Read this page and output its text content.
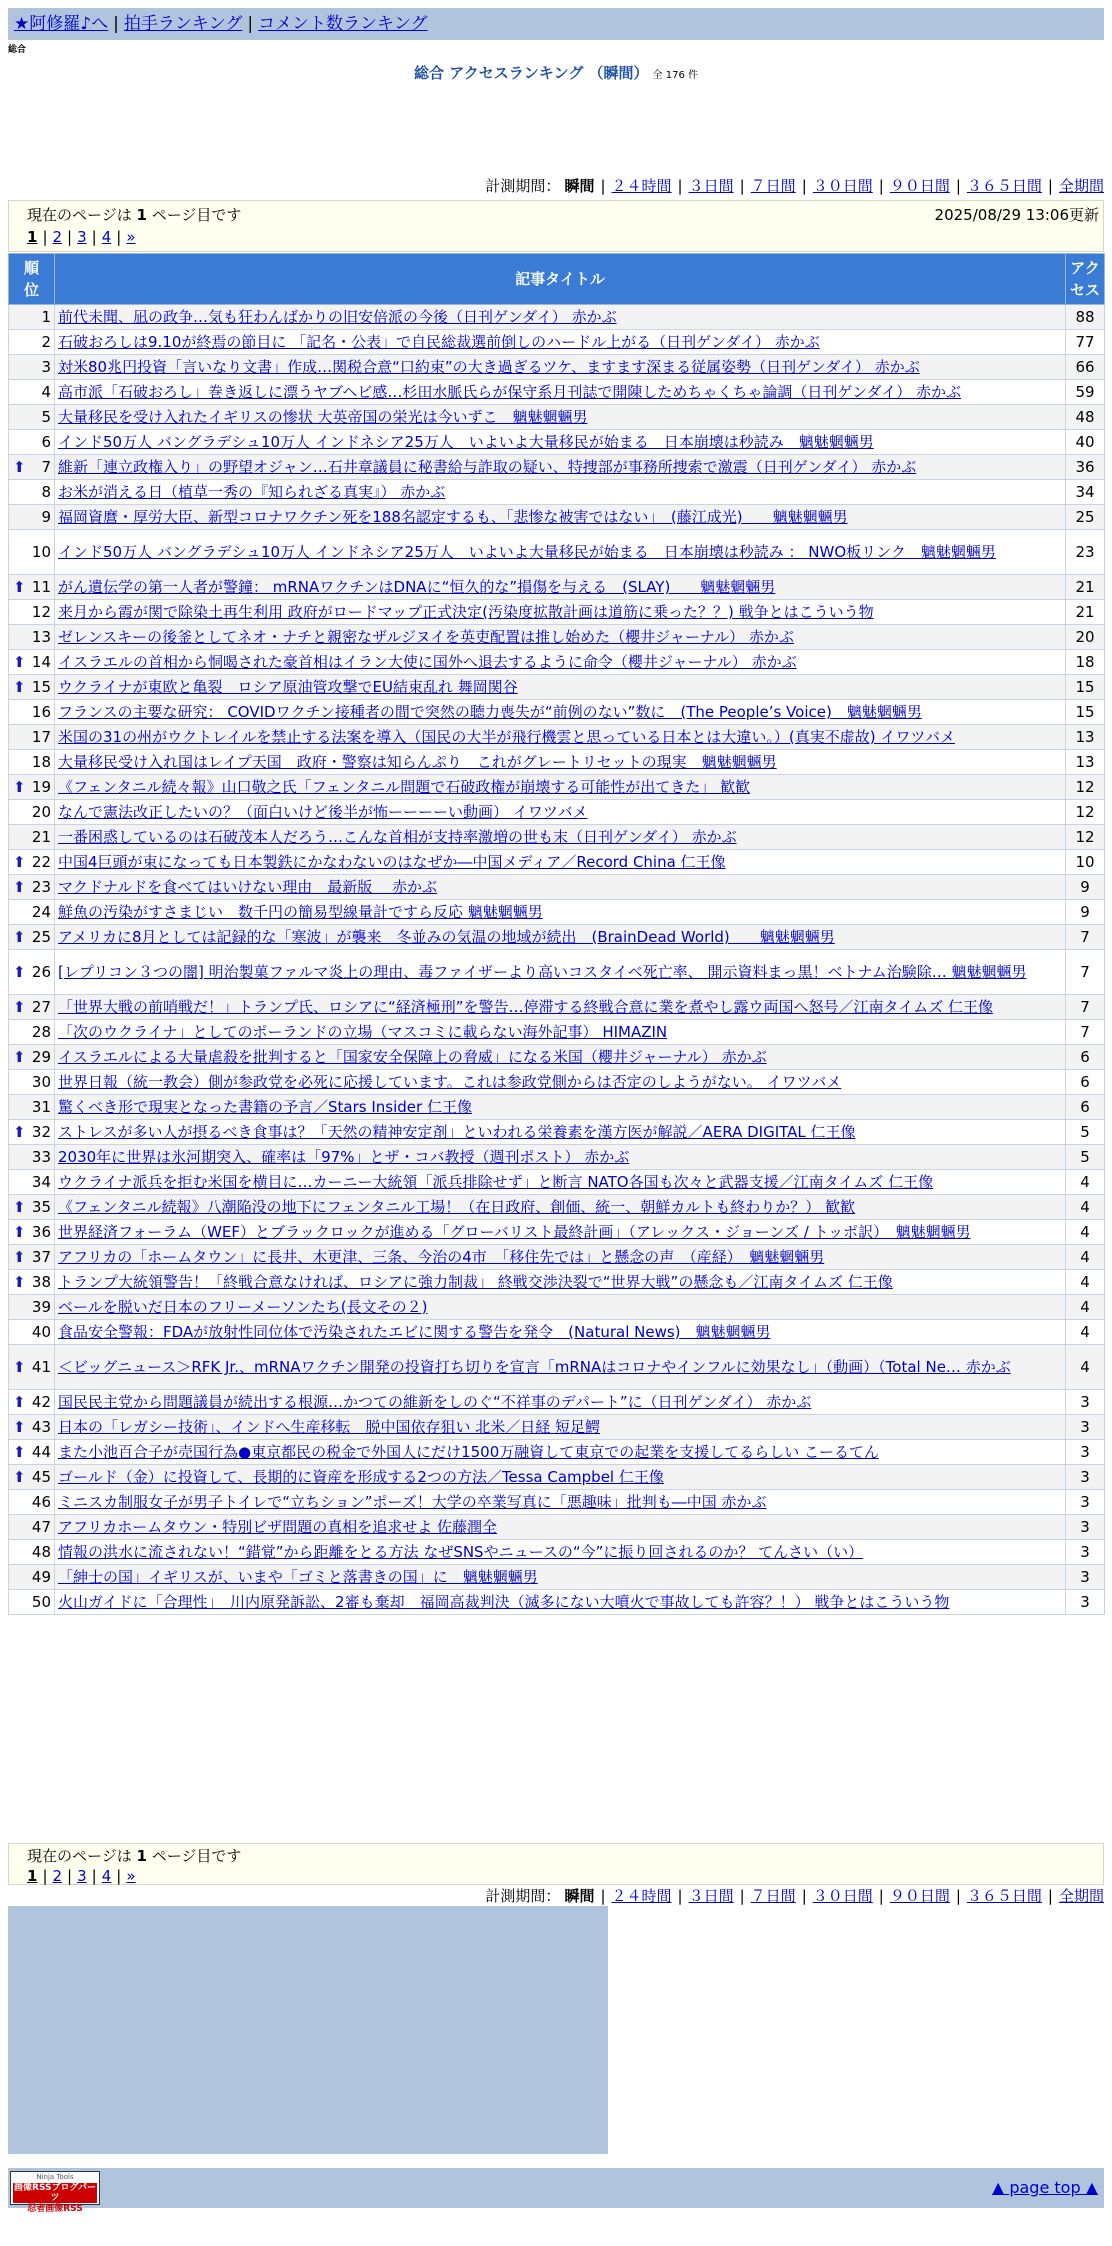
★阿修羅♪へ | 拍手ランキング | コメント数ランキング
総合
総合 アクセスランキング （瞬間） 全 176 件
計測期間： 瞬間 | ２４時間 | ３日間 | ７日間 | ３０日間 | ９０日間 | ３６５日間 | 全期間
現在のページは 1 ページ目です	2025/08/29 13:06更新
1 | 2 | 3 | 4 | »
順位	記事タイトル	アクセス
1	前代未聞、凪の政争…気も狂わんばかりの旧安倍派の今後（日刊ゲンダイ） 赤かぶ	88
2	石破おろしは9.10が終焉の節目に 「記名・公表」で自民総裁選前倒しのハードル上がる（日刊ゲンダイ） 赤かぶ	77
3	対米80兆円投資「言いなり文書」作成…関税合意“口約束”の大き過ぎるツケ、ますます深まる従属姿勢（日刊ゲンダイ） 赤かぶ	66
4	高市派「石破おろし」巻き返しに漂うヤブヘビ感…杉田水脈氏らが保守系月刊誌で開陳しためちゃくちゃ論調（日刊ゲンダイ） 赤かぶ	59
5	大量移民を受け入れたイギリスの惨状 大英帝国の栄光は今いずこ　魑魅魍魎男	48
6	インド50万人 バングラデシュ10万人 インドネシア25万人　いよいよ大量移民が始まる　日本崩壊は秒読み　魑魅魍魎男	40

⬆ 7	維新「連立政権入り」の野望オジャン…石井章議員に秘書給与詐取の疑い、特捜部が事務所捜索で激震（日刊ゲンダイ） 赤かぶ	36
8	お米が消える日（植草一秀の『知られざる真実』） 赤かぶ	34
9	福岡資麿・厚労大臣、新型コロナワクチン死を188名認定するも、「悲惨な被害ではない」　(藤江成光)　　魑魅魍魎男	25
10	インド50万人 バングラデシュ10万人 インドネシア25万人　いよいよ大量移民が始まる　日本崩壊は秒読み ： NWO板リンク　魑魅魍魎男	23

⬆ 11	がん遺伝学の第一人者が警鐘： mRNAワクチンはDNAに“恒久的な”損傷を与える　(SLAY)　　魑魅魍魎男	21
12	来月から霞が関で除染土再生利用 政府がロードマップ正式決定(汚染度拡散計画は道筋に乗った？？) 戦争とはこういう物	21
13	ゼレンスキーの後釜としてネオ・ナチと親密なザルジヌイを英吏配置は推し始めた（櫻井ジャーナル） 赤かぶ	20

⬆ 14	イスラエルの首相から恫喝された豪首相はイラン大使に国外へ退去するように命令（櫻井ジャーナル） 赤かぶ	18

⬆ 15	ウクライナが東欧と亀裂　ロシア原油管攻撃でEU結束乱れ 舞岡関谷	15
16	フランスの主要な研究： COVIDワクチン接種者の間で突然の聴力喪失が“前例のない”数に　(The People’s Voice)　魑魅魍魎男	15
17	米国の31の州がウクトレイルを禁止する法案を導入（国民の大半が飛行機雲と思っている日本とは大違い。）(真実不虚故) イワツバメ	13
18	大量移民受け入れ国はレイプ天国　政府・警察は知らんぷり　これがグレートリセットの現実　魑魅魍魎男	13

⬆ 19	《フェンタニル続々報》山口敬之氏「フェンタニル問題で石破政権が崩壊する可能性が出てきた」 歓歓	12
20	なんで憲法改正したいの？（面白いけど後半が怖ーーーーい動画） イワツバメ	12
21	一番困惑しているのは石破茂本人だろう…こんな首相が支持率激増の世も末（日刊ゲンダイ） 赤かぶ	12

⬆ 22	中国4巨頭が束になっても日本製鉄にかなわないのはなぜか―中国メディア／Record China 仁王像	10

⬆ 23	マクドナルドを食べてはいけない理由　最新版　 赤かぶ	9
24	鮮魚の汚染がすさまじい　数千円の簡易型線量計ですら反応 魑魅魍魎男	9

⬆ 25	アメリカに8月としては記録的な「寒波」が襲来　冬並みの気温の地域が続出　(BrainDead World)　　魑魅魍魎男	7

⬆ 26	[レプリコン３つの闇] 明治製菓ファルマ炎上の理由、毒ファイザーより高いコスタイベ死亡率、 開示資料まっ黒！ベトナム治験除… 魑魅魍魎男	7

⬆ 27	「世界大戦の前哨戦だ！」トランプ氏、ロシアに“経済極刑”を警告…停滞する終戦合意に業を煮やし露ウ両国へ怒号／江南タイムズ 仁王像	7
28	「次のウクライナ」としてのポーランドの立場（マスコミに載らない海外記事） HIMAZIN	7

⬆ 29	イスラエルによる大量虐殺を批判すると「国家安全保障上の脅威」になる米国（櫻井ジャーナル） 赤かぶ	6
30	世界日報（統一教会）側が参政党を必死に応援しています。これは参政党側からは否定のしようがない。 イワツバメ	6
31	驚くべき形で現実となった書籍の予言／Stars Insider 仁王像	6

⬆ 32	ストレスが多い人が摂るべき食事は？「天然の精神安定剤」といわれる栄養素を漢方医が解説／AERA DIGITAL 仁王像	5
33	2030年に世界は氷河期突入、確率は「97%」とザ・コバ教授（週刊ポスト） 赤かぶ	5
34	ウクライナ派兵を拒む米国を横目に…カーニー大統領「派兵排除せず」と断言 NATO各国も次々と武器支援／江南タイムズ 仁王像	4

⬆ 35	《フェンタニル続報》八潮陥没の地下にフェンタニル工場！（在日政府、創価、統一、朝鮮カルトも終わりか？） 歓歓	4

⬆ 36	世界経済フォーラム（WEF）とブラックロックが進める「グローバリスト最終計画」（アレックス・ジョーンズ / トッポ訳）　魑魅魍魎男	4

⬆ 37	アフリカの「ホームタウン」に長井、木更津、三条、今治の4市　「移住先では」と懸念の声　（産経）　魑魅魍魎男	4

⬆ 38	トランプ大統領警告！「終戦合意なければ、ロシアに強力制裁」 終戦交渉決裂で“世界大戦”の懸念も／江南タイムズ 仁王像	4
39	ベールを脱いだ日本のフリーメーソンたち(長文その２)	4
40	食品安全警報：FDAが放射性同位体で汚染されたエビに関する警告を発令　(Natural News)　魑魅魍魎男	4

⬆ 41	＜ビッグニュース＞RFK Jr.、mRNAワクチン開発の投資打ち切りを宣言「mRNAはコロナやインフルに効果なし」（動画）（Total Ne… 赤かぶ	4

⬆ 42	国民民主党から問題議員が続出する根源…かつての維新をしのぐ“不祥事のデパート”に（日刊ゲンダイ） 赤かぶ	3

⬆ 43	日本の「レガシー技術」、インドへ生産移転　脱中国依存狙い 北米／日経 短足鰐	3

⬆ 44	また小池百合子が売国行為●東京都民の税金で外国人にだけ1500万融資して東京での起業を支援してるらしい こーるてん	3

⬆ 45	ゴールド（金）に投資して、長期的に資産を形成する2つの方法／Tessa Campbel 仁王像	3
46	ミニスカ制服女子が男子トイレで“立ちション”ポーズ！大学の卒業写真に「悪趣味」批判も―中国 赤かぶ	3
47	アフリカホームタウン・特別ビザ問題の真相を追求せよ 佐藤潤全	3
48	情報の洪水に流されない！“錯覚”から距離をとる方法 なぜSNSやニュースの“今”に振り回されるのか？ てんさい（い）	3
49	「紳士の国」イギリスが、いまや「ゴミと落書きの国」に　魑魅魍魎男	3
50	火山ガイドに「合理性」　川内原発訴訟、2審も棄却　福岡高裁判決（滅多にない大噴火で事故しても許容？！） 戦争とはこういう物	3
現在のページは 1 ページ目です
1 | 2 | 3 | 4 | »
計測期間： 瞬間 | ２４時間 | ３日間 | ７日間 | ３０日間 | ９０日間 | ３６５日間 | 全期間
Ninja Tools
画像RSSブログパーツ
忍者画像RSS
▲ page top ▲
